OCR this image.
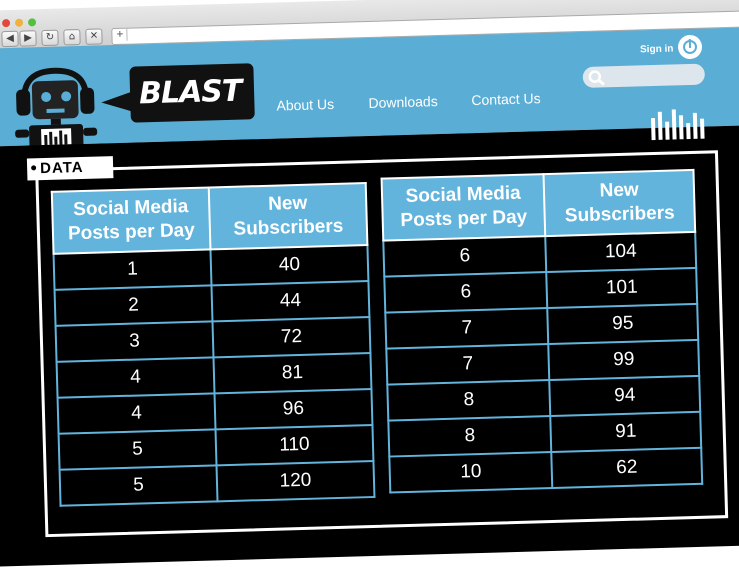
◀ ▶	↻	⌂	✕	+
BLAST About Us Downloads Contact Us
Sign in
DATA
Social Media Posts per Day	New Subscribers
1	40
2	44
3	72
4	81
4	96
5	110
5	120
Social Media Posts per Day	New Subscribers
6	104
6	101
7	95
7	99
8	94
8	91
10	62
